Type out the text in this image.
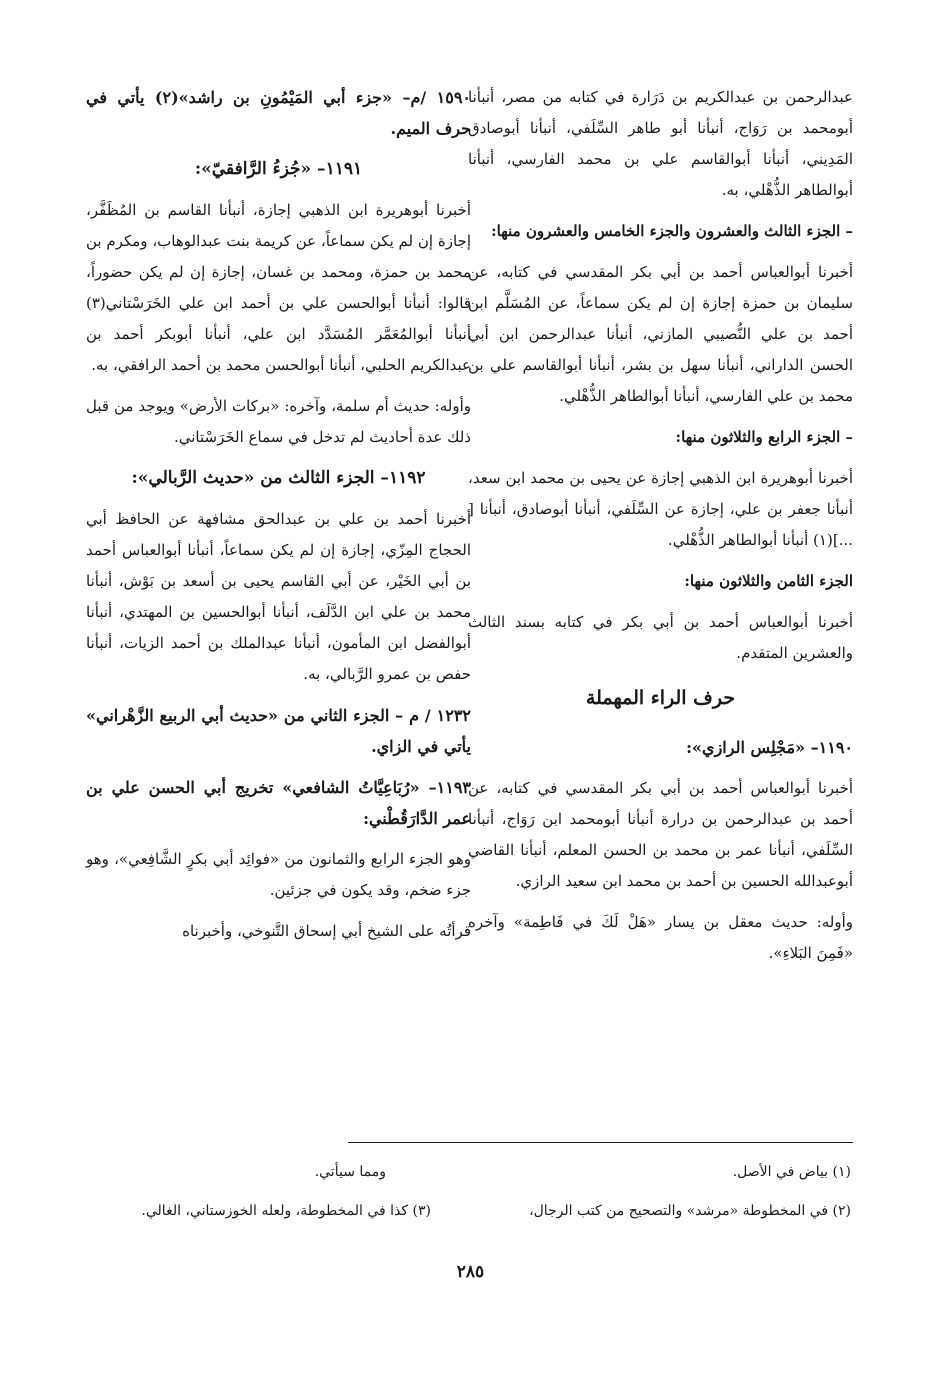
عبدالرحمن بن عبدالكريم بن دَرَارة في كتابه من مصر، أنبأنا أبومحمد بن رَوَاج، أنبأنا أبو طاهر السِّلَفي، أنبأنا أبوصادق المَدِيني، أنبأنا أبوالقاسم علي بن محمد الفارسي، أنبأنا أبوالطاهر الذُّهْلي، به.
– الجزء الثالث والعشرون والجزء الخامس والعشرون منها:
أخبرنا أبوالعباس أحمد بن أبي بكر المقدسي في كتابه، عن سليمان بن حمزة إجازة إن لم يكن سماعاً، عن المُسَلَّم ابن أحمد بن علي النُّصيبي المازني، أنبأنا عبدالرحمن ابن أبي الحسن الداراني، أنبأنا سهل بن بشر، أنبأنا أبوالقاسم علي بن محمد بن علي الفارسي، أنبأنا أبوالطاهر الذُّهْلي.
– الجزء الرابع والثلاثون منها:
أخبرنا أبوهريرة ابن الذهبي إجازة عن يحيى بن محمد ابن سعد، أنبأنا جعفر بن علي، إجازة عن السِّلَفي، أنبأنا أبوصادق، أنبأنا [ ...](١) أنبأنا أبوالطاهر الذُّهْلي.
الجزء الثامن والثلاثون منها:
أخبرنا أبوالعباس أحمد بن أبي بكر في كتابه بسند الثالث والعشرين المتقدم.
حرف الراء المهملة
١١٩٠– «مَجْلِس الرازي»:
أخبرنا أبوالعباس أحمد بن أبي بكر المقدسي في كتابه، عن أحمد بن عبدالرحمن بن درارة أنبأنا أبومحمد ابن رَوَاج، أنبأنا السِّلَفي، أنبأنا عمر بن محمد بن الحسن المعلم، أنبأنا القاضي أبوعبدالله الحسين بن أحمد بن محمد ابن سعيد الرازي.
وأوله: حديث معقل بن يسار «هَلْ لَكَ في فَاطِمة» وآخره «فَمِنَ البَلاءِ».
١٥٩٠ /م– «جزء أبي المَيْمُونِ بن راشد»(٢) يأتي في حرف الميم.
١١٩١– «جُزءُ الرَّافقيّ»:
أخبرنا أبوهريرة ابن الذهبي إجازة، أنبأنا القاسم بن المُظَفَّر، إجازة إن لم يكن سماعاً، عن كريمة بنت عبدالوهاب، ومكرم بن محمد بن حمزة، ومحمد بن غسان، إجازة إن لم يكن حضوراً، قالوا: أنبأنا أبوالحسن علي بن أحمد ابن علي الخَرَسْتاني(٣) أنبأنا أبوالمُعَمَّر المُسَدَّد ابن علي، أنبأنا أبوبكر أحمد بن عبدالكريم الحلبي، أنبأنا أبوالحسن محمد بن أحمد الرافقي، به.
وأوله: حديث أم سلمة، وآخره: «بركات الأرض» ويوجد من قبل ذلك عدة أحاديث لم تدخل في سماع الخَرَسْتاني.
١١٩٢– الجزء الثالث من «حديث الرَّبالي»:
أخبرنا أحمد بن علي بن عبدالحق مشافهة عن الحافظ أبي الحجاج المِزّي، إجازة إن لم يكن سماعاً، أنبأنا أبوالعباس أحمد بن أبي الخَيْر، عن أبي القاسم يحيى بن أسعد بن بَوْش، أنبأنا محمد بن علي ابن الدَّلَف، أنبأنا أبوالحسين بن المهتدي، أنبأنا أبوالفضل ابن المأمون، أنبأنا عبدالملك بن أحمد الزيات، أنبأنا حفص بن عمرو الرَّبالي، به.
١٢٣٢ / م – الجزء الثاني من «حديث أبي الربيع الزَّهْراني» يأتي في الزاي.
١١٩٣– «رُبَاعِيَّاتُ الشافعي» تخريج أبي الحسن علي بن عمر الدَّارَقُطْني:
وهو الجزء الرابع والثمانون من «فوائِد أبي بكرٍ الشَّافِعي»، وهو جزء ضخم، وقد يكون في جزئين.
قرأتُه على الشيخ أبي إسحاق التَّنوخي، وأخبرناه
(١) بياض في الأصل.
(٢) في المخطوطة «مرشد» والتصحيح من كتب الرجال،
ومما سيأتي.
(٣) كذا في المخطوطة، ولعله الخوزستاني، الغالي.
٢٨٥
